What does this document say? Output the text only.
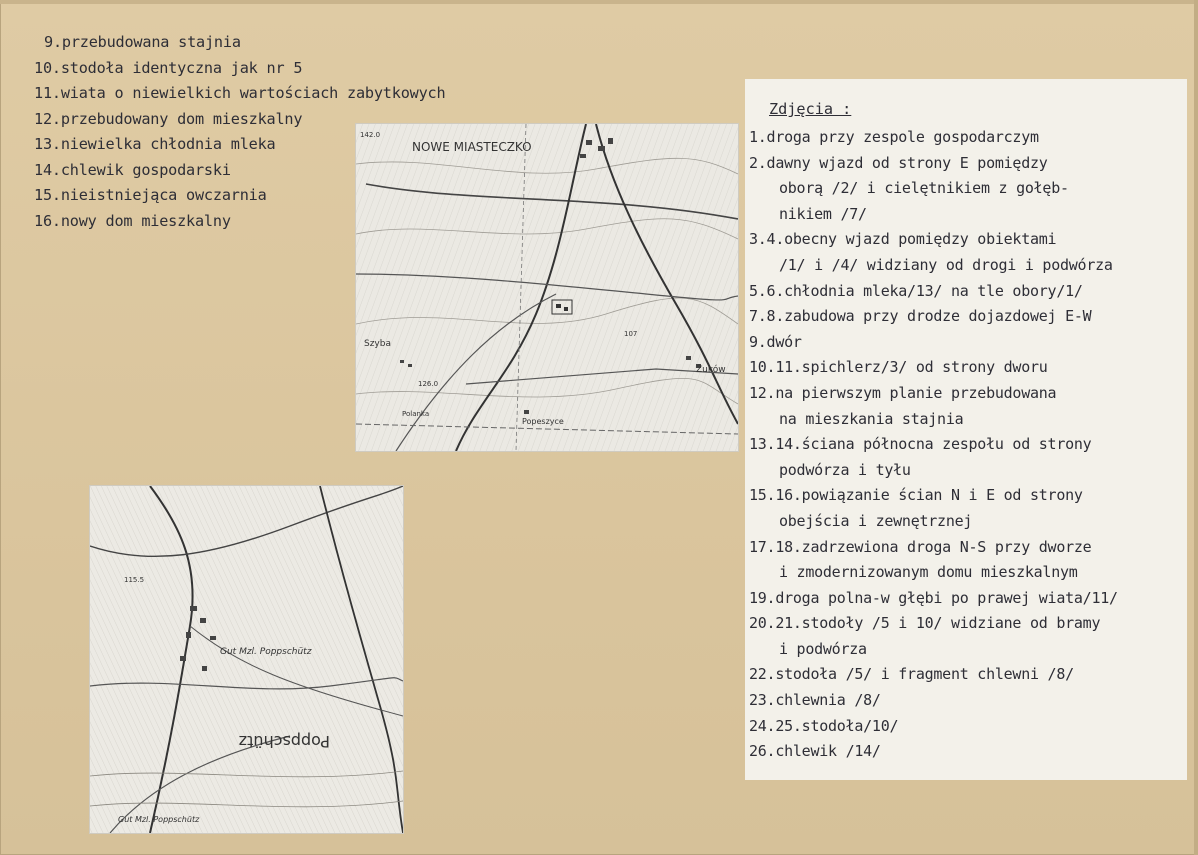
9.przebudowana stajnia
10.stodoła identyczna jak nr 5
11.wiata o niewielkich wartościach zabytkowych
12.przebudowany dom mieszkalny
13.niewielka chłodnia mleka
14.chlewik gospodarski
15.nieistniejąca owczarnia
16.nowy dom mieszkalny
NOWE MIASTECZKO
Szyba
Żuków
Popeszyce
Polanka
142.0
126.0
107
Gut Mzl. Poppschütz
Poppschütz
Gut Mzl. Poppschütz
115.5
Zdjęcia :
1.droga przy zespole gospodarczym
2.dawny wjazd od strony E pomiędzy
oborą /2/ i cielętnikiem z gołęb-
nikiem /7/
3.4.obecny wjazd pomiędzy obiektami
/1/ i /4/ widziany od drogi i podwórza
5.6.chłodnia mleka/13/ na tle obory/1/
7.8.zabudowa przy drodze dojazdowej E-W
9.dwór
10.11.spichlerz/3/ od strony dworu
12.na pierwszym planie przebudowana
na mieszkania stajnia
13.14.ściana północna zespołu od strony
podwórza i tyłu
15.16.powiązanie ścian N i E od strony
obejścia i zewnętrznej
17.18.zadrzewiona droga N-S przy dworze
i zmodernizowanym domu mieszkalnym
19.droga polna-w głębi po prawej wiata/11/
20.21.stodoły /5 i 10/ widziane od bramy
i podwórza
22.stodoła /5/ i fragment chlewni /8/
23.chlewnia /8/
24.25.stodoła/10/
26.chlewik /14/
